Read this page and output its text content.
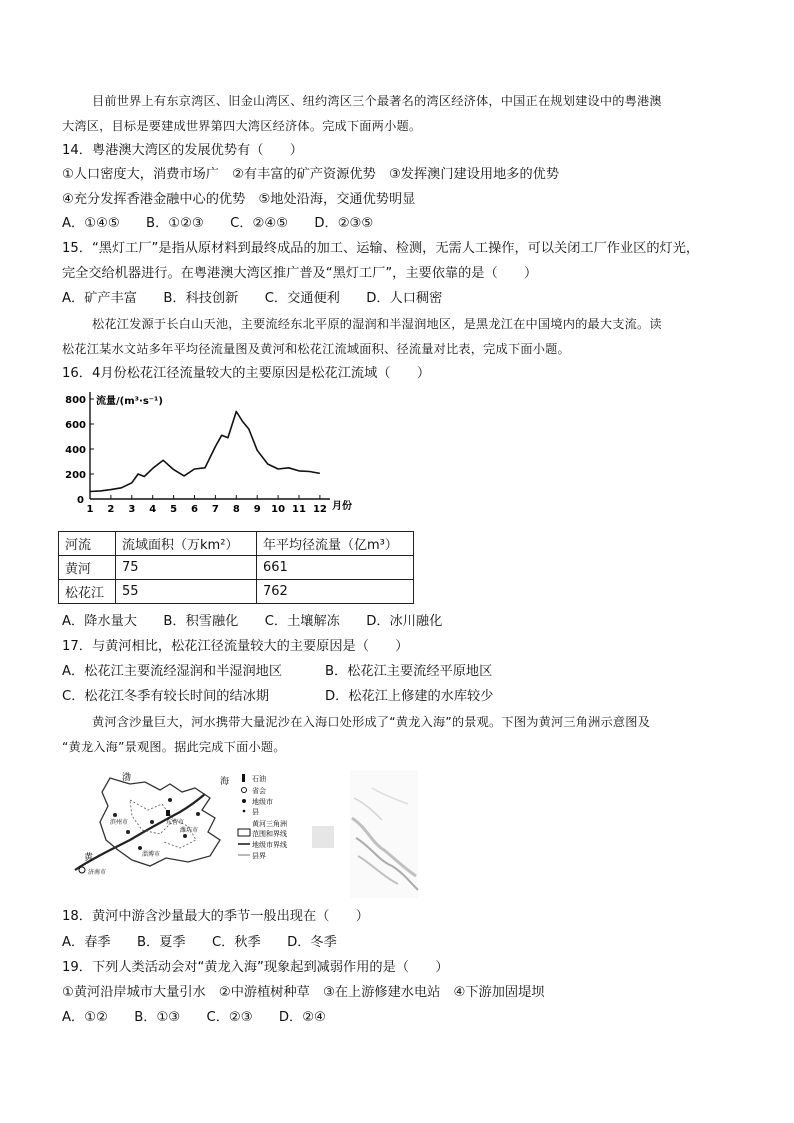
目前世界上有东京湾区、旧金山湾区、纽约湾区三个最著名的湾区经济体，中国正在规划建设中的粤港澳
大湾区，目标是要建成世界第四大湾区经济体。完成下面两小题。
14．粤港澳大湾区的发展优势有（　　）
①人口密度大，消费市场广　②有丰富的矿产资源优势　③发挥澳门建设用地多的优势
④充分发挥香港金融中心的优势　⑤地处沿海，交通优势明显
A．①④⑤　　B．①②③　　C．②④⑤　　D．②③⑤
15．“黑灯工厂”是指从原材料到最终成品的加工、运输、检测，无需人工操作，可以关闭工厂作业区的灯光，
完全交给机器进行。在粤港澳大湾区推广普及“黑灯工厂”，主要依靠的是（　　）
A．矿产丰富　　B．科技创新　　C．交通便利　　D．人口稠密
松花江发源于长白山天池，主要流经东北平原的湿润和半湿润地区，是黑龙江在中国境内的最大支流。读
松花江某水文站多年平均径流量图及黄河和松花江流域面积、径流量对比表，完成下面小题。
16．4月份松花江径流量较大的主要原因是松花江流域（　　）
流量/(m³·s⁻¹)
月份
0
200
400
600
800
1 2 3 4 5 6 7 8 9 10 11 12
河流	流域面积（万km²）	年平均径流量（亿m³）
黄河	75	661
松花江	55	762
A．降水量大　　B．积雪融化　　C．土壤解冻　　D．冰川融化
17．与黄河相比，松花江径流量较大的主要原因是（　　）
A．松花江主要流经湿润和半湿润地区	B．松花江主要流经平原地区
C．松花江冬季有较长时间的结冰期	D．松花江上修建的水库较少
黄河含沙量巨大，河水携带大量泥沙在入海口处形成了“黄龙入海”的景观。下图为黄河三角洲示意图及
“黄龙入海”景观图。据此完成下面小题。
渤	海
黄
济南市
东营市
滨州市
淄博市
潍坊市
石油
省会
地级市
县
黄河三角洲
范围和界线
地级市界线
县界
18．黄河中游含沙量最大的季节一般出现在（　　）
A．春季　　B．夏季　　C．秋季　　D．冬季
19．下列人类活动会对“黄龙入海”现象起到减弱作用的是（　　）
①黄河沿岸城市大量引水　②中游植树种草　③在上游修建水电站　④下游加固堤坝
A．①②　　B．①③　　C．②③　　D．②④
